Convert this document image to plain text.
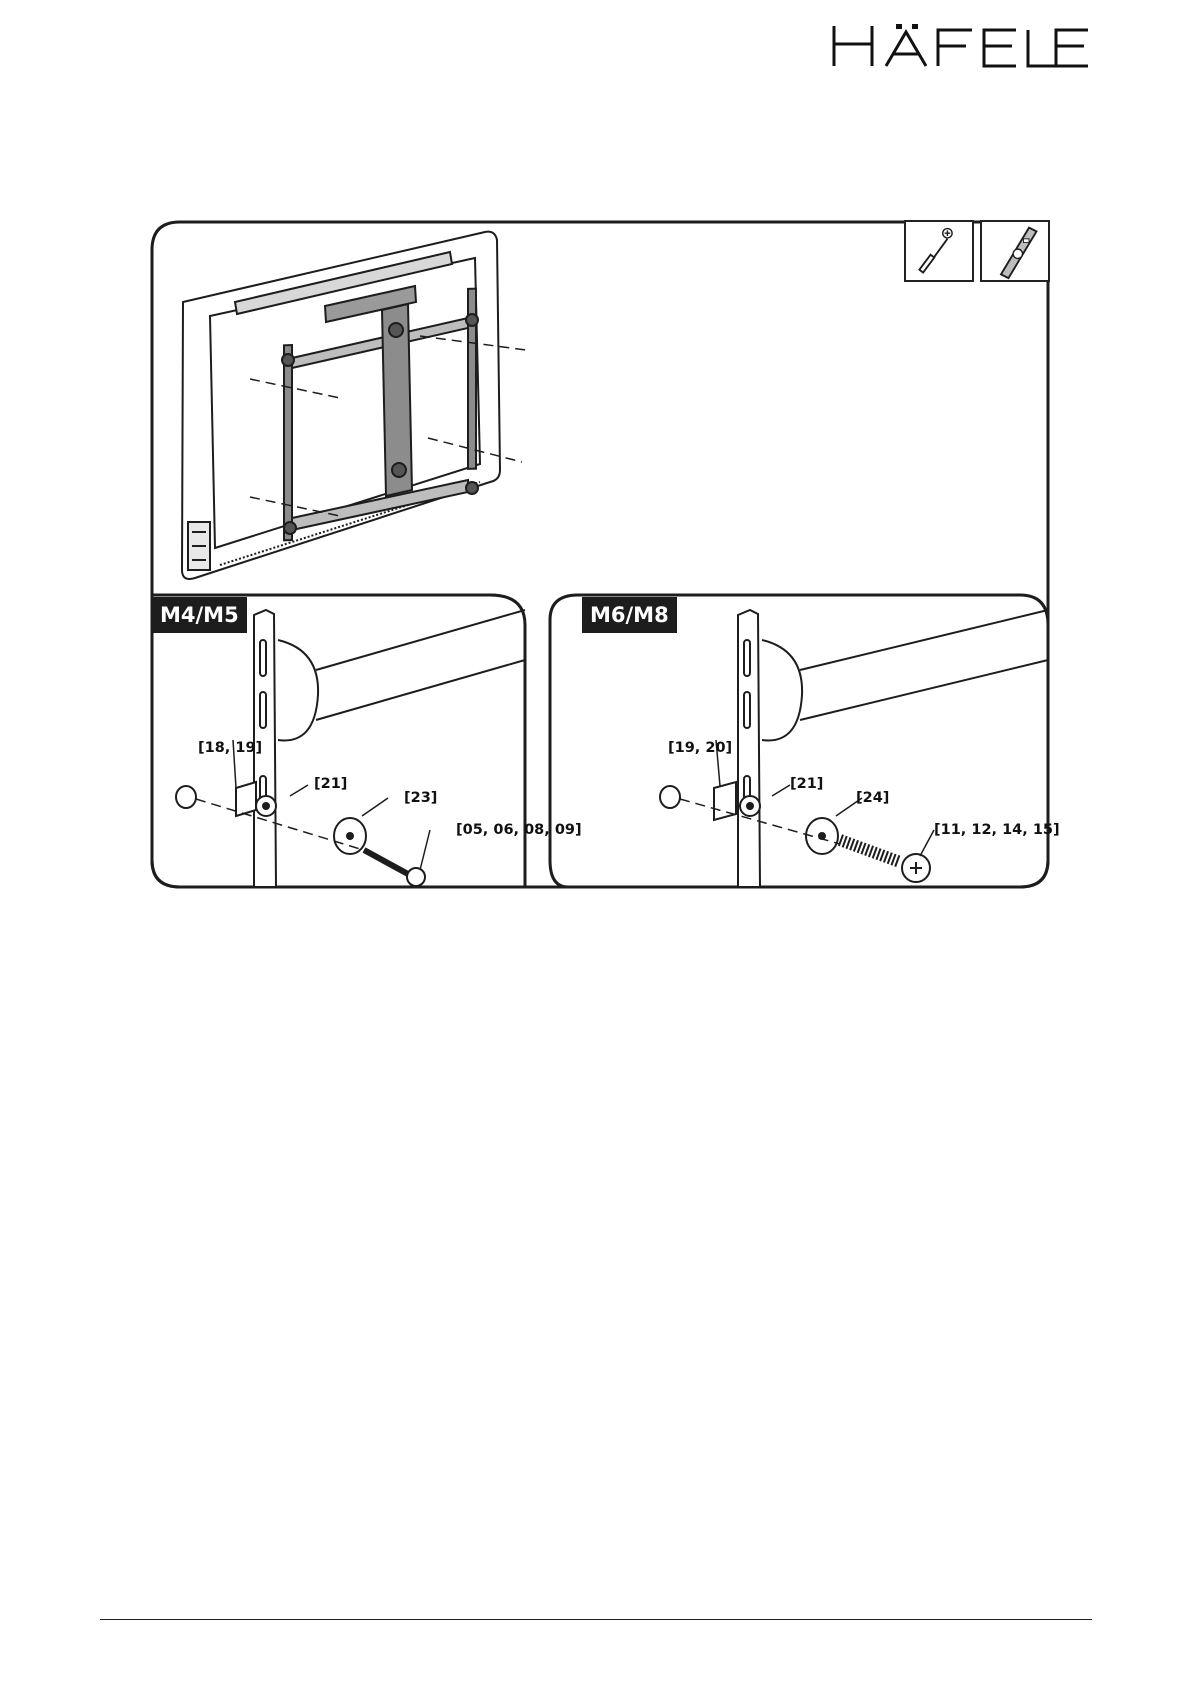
M4/M5	M6/M8
[18, 19]
[21]
[23]
[05, 06, 08, 09]
[19, 20]
[21]
[24]
[11, 12, 14, 15]
